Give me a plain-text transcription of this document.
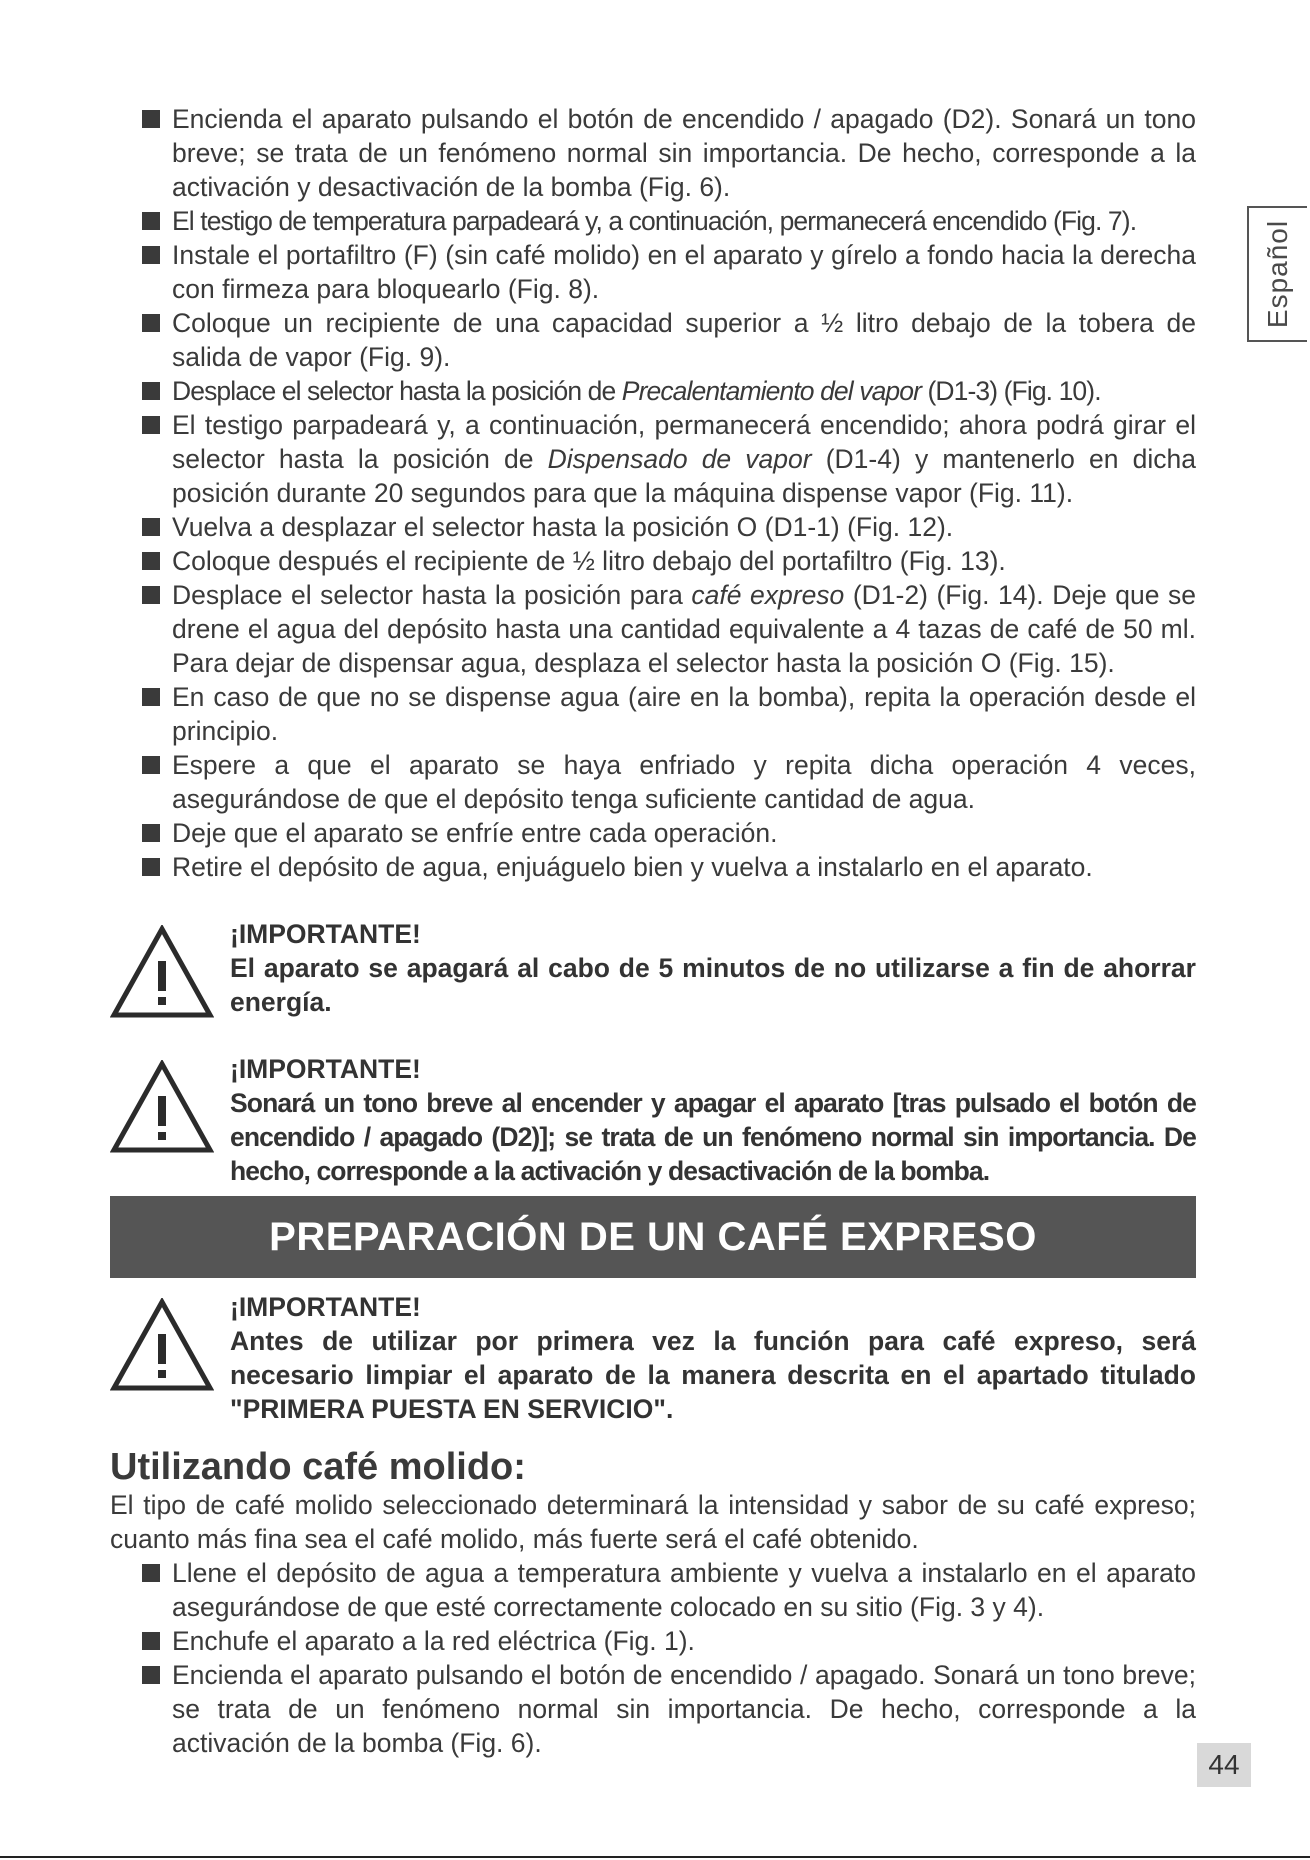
Español
Encienda el aparato pulsando el botón de encendido / apagado (D2). Sonará un tono breve; se trata de un fenómeno normal sin importancia. De hecho, corresponde a la activación y desactivación de la bomba (Fig. 6).
El testigo de temperatura parpadeará y, a continuación, permanecerá encendido (Fig. 7).
Instale el portafiltro (F) (sin café molido) en el aparato y gírelo a fondo hacia la derecha con firmeza para bloquearlo (Fig. 8).
Coloque un recipiente de una capacidad superior a ½ litro debajo de la tobera de salida de vapor (Fig. 9).
Desplace el selector hasta la posición de Precalentamiento del vapor (D1-3) (Fig. 10).
El testigo parpadeará y, a continuación, permanecerá encendido; ahora podrá girar el selector hasta la posición de Dispensado de vapor (D1-4) y mantenerlo en dicha posición durante 20 segundos para que la máquina dispense vapor (Fig. 11).
Vuelva a desplazar el selector hasta la posición O (D1-1) (Fig. 12).
Coloque después el recipiente de ½ litro debajo del portafiltro (Fig. 13).
Desplace el selector hasta la posición para café expreso (D1-2) (Fig. 14). Deje que se drene el agua del depósito hasta una cantidad equivalente a 4 tazas de café de 50 ml. Para dejar de dispensar agua, desplaza el selector hasta la posición O (Fig. 15).
En caso de que no se dispense agua (aire en la bomba), repita la operación desde el principio.
Espere a que el aparato se haya enfriado y repita dicha operación 4 veces, asegurándose de que el depósito tenga suficiente cantidad de agua.
Deje que el aparato se enfríe entre cada operación.
Retire el depósito de agua, enjuáguelo bien y vuelva a instalarlo en el aparato.
¡IMPORTANTE!
El aparato se apagará al cabo de 5 minutos de no utilizarse a fin de ahorrar energía.
¡IMPORTANTE!
Sonará un tono breve al encender y apagar el aparato [tras pulsado el botón de encendido / apagado (D2)]; se trata de un fenómeno normal sin importancia. De hecho, corresponde a la activación y desactivación de la bomba.
PREPARACIÓN DE UN CAFÉ EXPRESO
¡IMPORTANTE!
Antes de utilizar por primera vez la función para café expreso, será necesario limpiar el aparato de la manera descrita en el apartado titulado "PRIMERA PUESTA EN SERVICIO".
Utilizando café molido:

El tipo de café molido seleccionado determinará la intensidad y sabor de su café expreso; cuanto más fina sea el café molido, más fuerte será el café obtenido.

Llene el depósito de agua a temperatura ambiente y vuelva a instalarlo en el aparato asegurándose de que esté correctamente colocado en su sitio (Fig. 3 y 4).
Enchufe el aparato a la red eléctrica (Fig. 1).
Encienda el aparato pulsando el botón de encendido / apagado. Sonará un tono breve; se trata de un fenómeno normal sin importancia. De hecho, corresponde a la activación de la bomba (Fig. 6).
44
